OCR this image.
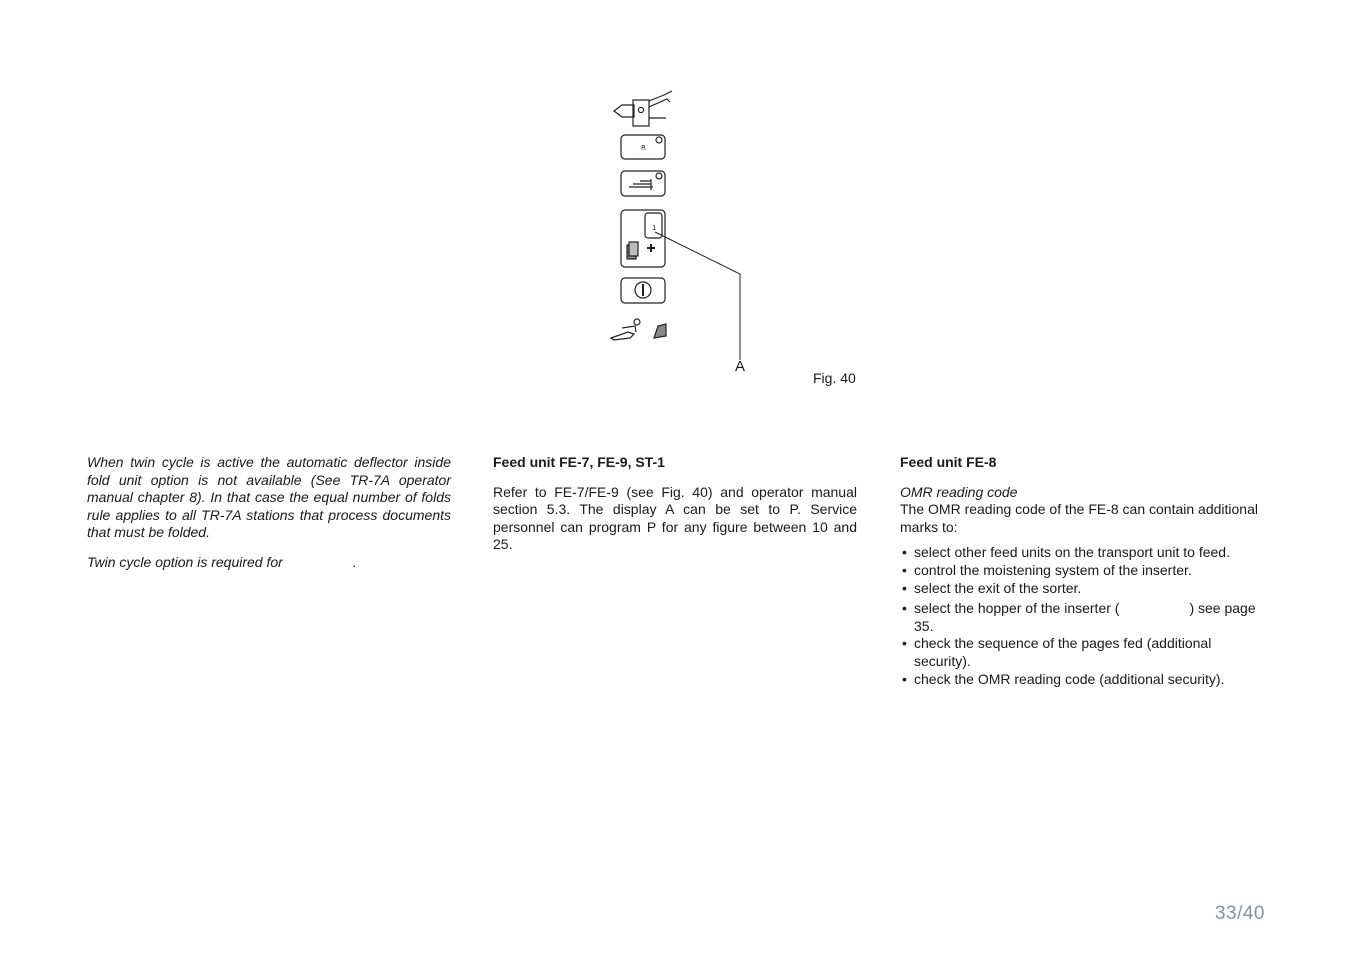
R
1
A
Fig. 40

When twin cycle is active the automatic deflector inside fold unit option is not available (See TR-7A operator manual chapter 8). In that case the equal number of folds rule applies to all TR-7A stations that process documents that must be folded.

Twin cycle option is required for	.

Feed unit FE-7, FE-9, ST-1

Refer to FE-7/FE-9 (see Fig. 40) and operator manual section 5.3. The display A can be set to P. Service personnel can program P for any figure between 10 and 25.

Feed unit FE-8

OMR reading code

The OMR reading code of the FE-8 can contain additional marks to:

• select other feed units on the transport unit to feed.
• control the moistening system of the inserter.
• select the exit of the sorter.
• select the hopper of the inserter (	) see page 35.
• check the sequence of the pages fed (additional security).
• check the OMR reading code (additional security).
33/40
